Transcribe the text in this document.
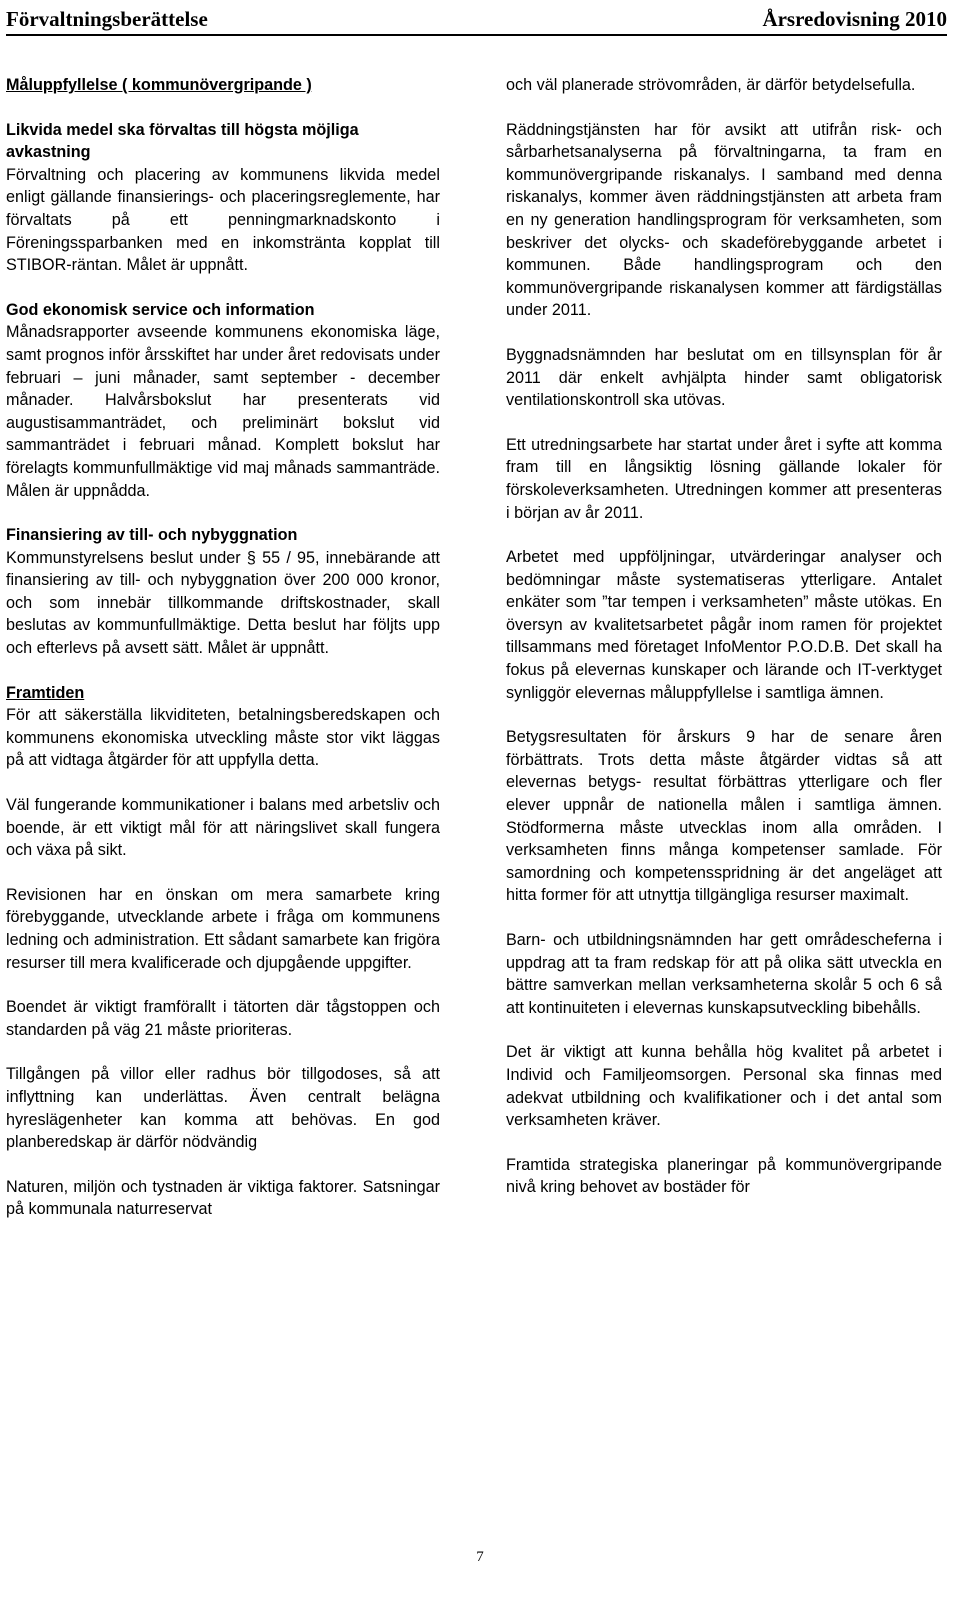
Förvaltningsberättelse	Årsredovisning 2010
Måluppfyllelse ( kommunövergripande )

Likvida medel ska förvaltas till högsta möjliga avkastning
Förvaltning och placering av kommunens likvida medel enligt gällande finansierings- och placeringsreglemente, har förvaltats på ett penningmarknadskonto i Föreningssparbanken med en inkomstränta kopplat till STIBOR-räntan. Målet är uppnått.

God ekonomisk service och information
Månadsrapporter avseende kommunens ekonomiska läge, samt prognos inför årsskiftet har under året redovisats under februari – juni månader, samt september - december månader. Halvårsbokslut har presenterats vid augustisammanträdet, och preliminärt bokslut vid sammanträdet i februari månad. Komplett bokslut har förelagts kommunfullmäktige vid maj månads sammanträde. Målen är uppnådda.

Finansiering av till- och nybyggnation
Kommunstyrelsens beslut under § 55 / 95, innebärande att finansiering av till- och nybyggnation över 200 000 kronor, och som innebär tillkommande driftskostnader, skall beslutas av kommunfullmäktige. Detta beslut har följts upp och efterlevs på avsett sätt. Målet är uppnått.

Framtiden
För att säkerställa likviditeten, betalningsberedskapen och kommunens ekonomiska utveckling måste stor vikt läggas på att vidtaga åtgärder för att uppfylla detta.

Väl fungerande kommunikationer i balans med arbetsliv och boende, är ett viktigt mål för att näringslivet skall fungera och växa på sikt.

Revisionen har en önskan om mera samarbete kring förebyggande, utvecklande arbete i fråga om kommunens ledning och administration. Ett sådant samarbete kan frigöra resurser till mera kvalificerade och djupgående uppgifter.

Boendet är viktigt framförallt i tätorten där tågstoppen och standarden på väg 21 måste prioriteras.

Tillgången på villor eller radhus bör tillgodoses, så att inflyttning kan underlättas. Även centralt belägna hyreslägenheter kan komma att behövas. En god planberedskap är därför nödvändig

Naturen, miljön och tystnaden är viktiga faktorer. Satsningar på kommunala naturreservat

och väl planerade strövområden, är därför betydelsefulla.

Räddningstjänsten har för avsikt att utifrån risk- och sårbarhetsanalyserna på förvaltningarna, ta fram en kommunövergripande riskanalys. I samband med denna riskanalys, kommer även räddningstjänsten att arbeta fram en ny generation handlingsprogram för verksamheten, som beskriver det olycks- och skadeförebyggande arbetet i kommunen. Både handlingsprogram och den kommunövergripande riskanalysen kommer att färdigställas under 2011.

Byggnadsnämnden har beslutat om en tillsynsplan för år 2011 där enkelt avhjälpta hinder samt obligatorisk ventilationskontroll ska utövas.

Ett utredningsarbete har startat under året i syfte att komma fram till en långsiktig lösning gällande lokaler för förskoleverksamheten. Utredningen kommer att presenteras i början av år 2011.

Arbetet med uppföljningar, utvärderingar analyser och bedömningar måste systematiseras ytterligare. Antalet enkäter som ”tar tempen i verksamheten” måste utökas. En översyn av kvalitetsarbetet pågår inom ramen för projektet tillsammans med företaget InfoMentor P.O.D.B. Det skall ha fokus på elevernas kunskaper och lärande och IT-verktyget synliggör elevernas måluppfyllelse i samtliga ämnen.

Betygsresultaten för årskurs 9 har de senare åren förbättrats. Trots detta måste åtgärder vidtas så att elevernas betygs- resultat förbättras ytterligare och fler elever uppnår de nationella målen i samtliga ämnen. Stödformerna måste utvecklas inom alla områden. I verksamheten finns många kompetenser samlade. För samordning och kompetensspridning är det angeläget att hitta former för att utnyttja tillgängliga resurser maximalt.

Barn- och utbildningsnämnden har gett områdescheferna i uppdrag att ta fram redskap för att på olika sätt utveckla en bättre samverkan mellan verksamheterna skolår 5 och 6 så att kontinuiteten i elevernas kunskapsutveckling bibehålls.

Det är viktigt att kunna behålla hög kvalitet på arbetet i Individ och Familjeomsorgen. Personal ska finnas med adekvat utbildning och kvalifikationer och i det antal som verksamheten kräver.

Framtida strategiska planeringar på kommunövergripande nivå kring behovet av bostäder för

7
